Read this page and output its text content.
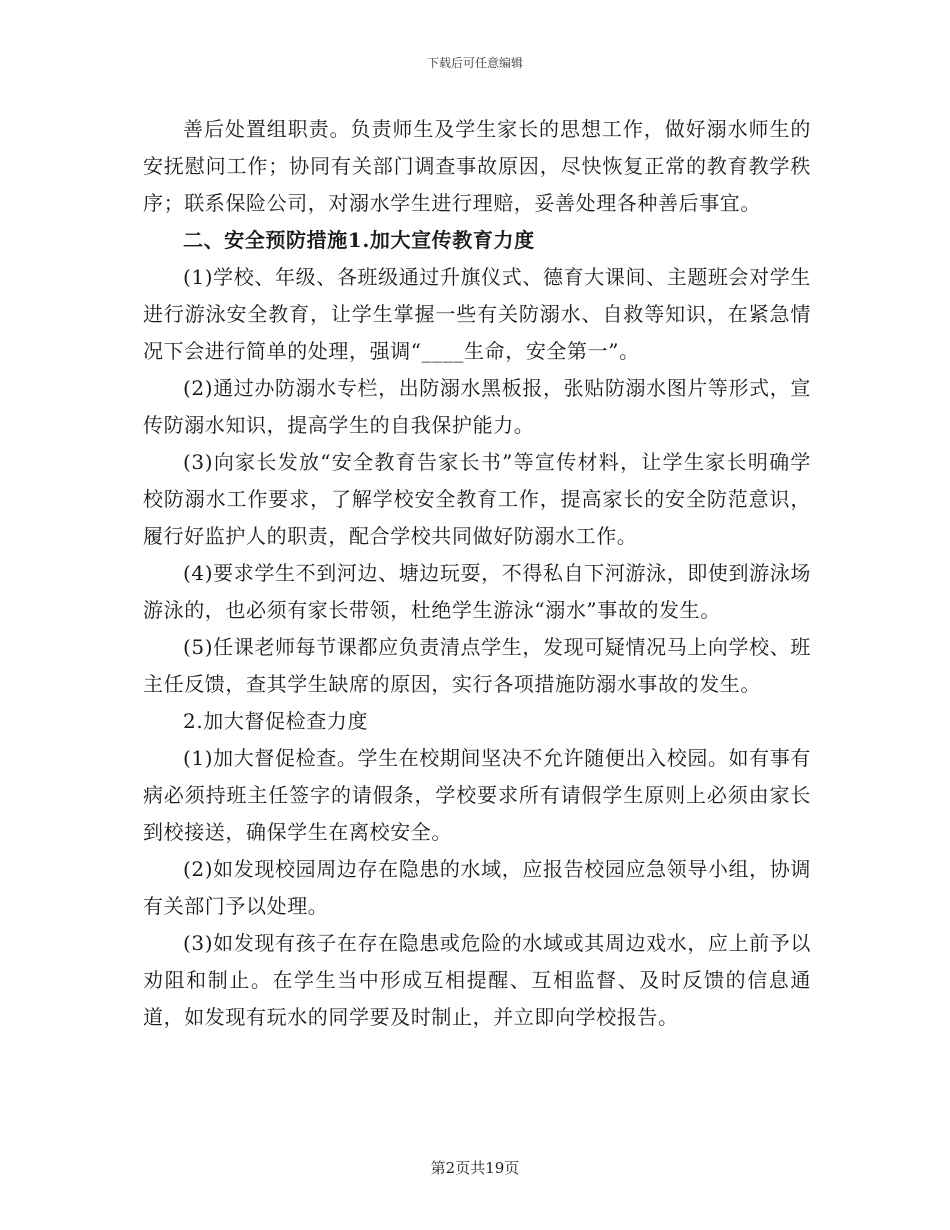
下载后可任意编辑

善后处置组职责。负责师生及学生家长的思想工作，做好溺水师生的安抚慰问工作；协同有关部门调查事故原因，尽快恢复正常的教育教学秩序；联系保险公司，对溺水学生进行理赔，妥善处理各种善后事宜。

二、安全预防措施1.加大宣传教育力度

(1)学校、年级、各班级通过升旗仪式、德育大课间、主题班会对学生进行游泳安全教育，让学生掌握一些有关防溺水、自救等知识，在紧急情况下会进行简单的处理，强调“____生命，安全第一”。

(2)通过办防溺水专栏，出防溺水黑板报，张贴防溺水图片等形式，宣传防溺水知识，提高学生的自我保护能力。

(3)向家长发放“安全教育告家长书”等宣传材料，让学生家长明确学校防溺水工作要求，了解学校安全教育工作，提高家长的安全防范意识，履行好监护人的职责，配合学校共同做好防溺水工作。

(4)要求学生不到河边、塘边玩耍，不得私自下河游泳，即使到游泳场游泳的，也必须有家长带领，杜绝学生游泳“溺水”事故的发生。

(5)任课老师每节课都应负责清点学生，发现可疑情况马上向学校、班主任反馈，查其学生缺席的原因，实行各项措施防溺水事故的发生。

2.加大督促检查力度

(1)加大督促检查。学生在校期间坚决不允许随便出入校园。如有事有病必须持班主任签字的请假条，学校要求所有请假学生原则上必须由家长到校接送，确保学生在离校安全。

(2)如发现校园周边存在隐患的水域，应报告校园应急领导小组，协调有关部门予以处理。

(3)如发现有孩子在存在隐患或危险的水域或其周边戏水，应上前予以劝阻和制止。在学生当中形成互相提醒、互相监督、及时反馈的信息通道，如发现有玩水的同学要及时制止，并立即向学校报告。

第2页共19页
